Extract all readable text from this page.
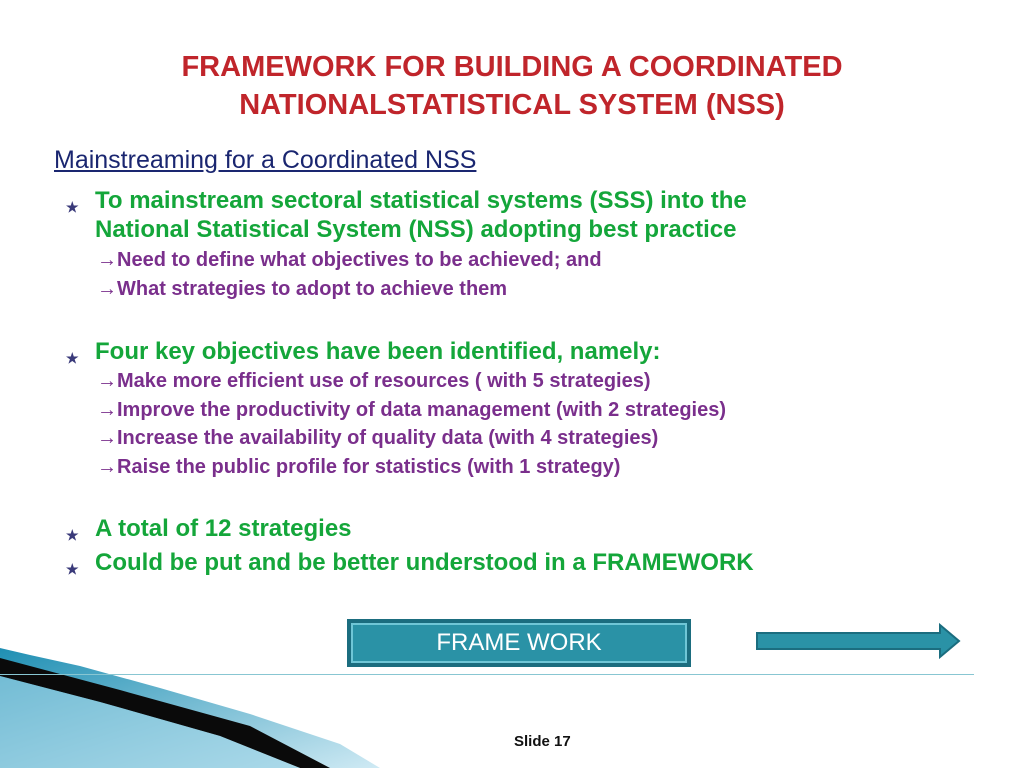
FRAMEWORK FOR BUILDING A COORDINATED
NATIONALSTATISTICAL SYSTEM (NSS)
Mainstreaming for a Coordinated NSS
★ To mainstream sectoral statistical systems (SSS) into the
National Statistical System (NSS) adopting best practice
→Need to define what objectives to be achieved; and
→What strategies to adopt to achieve them
★ Four key objectives have been identified, namely:
→Make more efficient use of resources ( with 5 strategies)
→Improve the productivity of data management (with 2 strategies)
→Increase the availability of quality data (with 4 strategies)
→Raise the public profile for statistics (with 1 strategy)
★ A total of 12 strategies
★ Could be put and be better understood in a FRAMEWORK
FRAME WORK
Slide 17
